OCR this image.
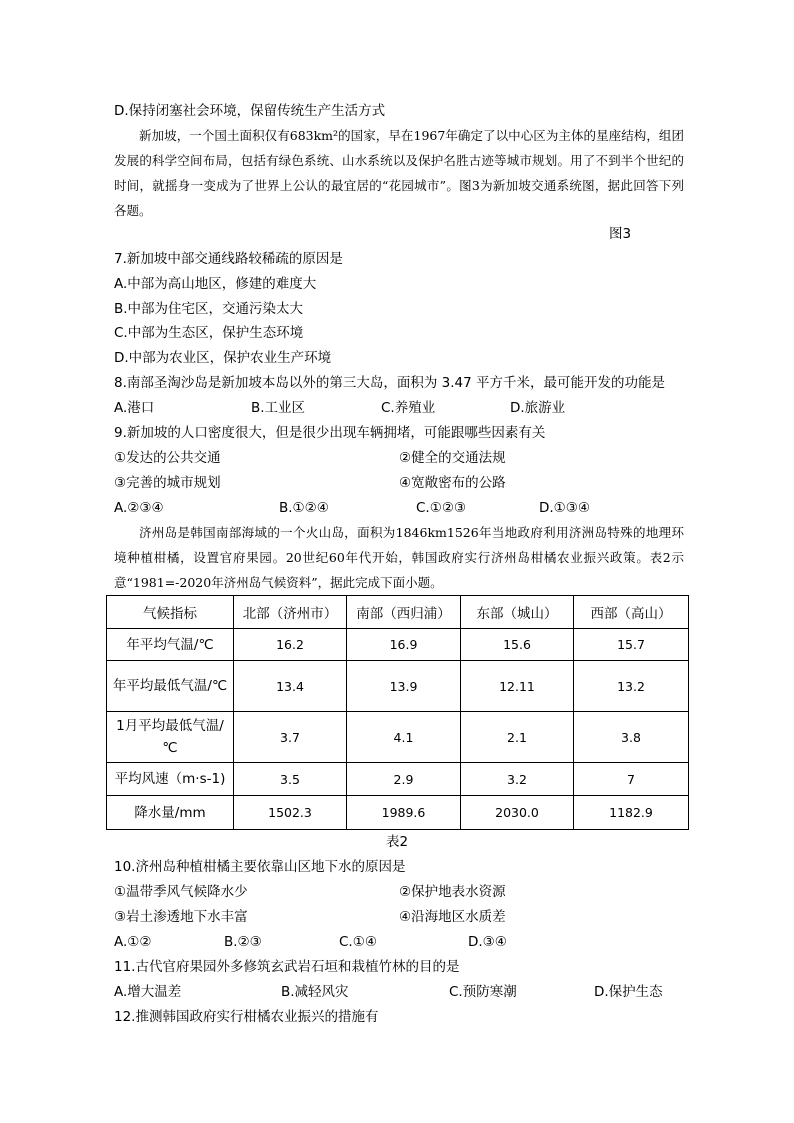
D.保持闭塞社会环境，保留传统生产生活方式

新加坡，一个国土面积仅有683km²的国家，早在1967年确定了以中心区为主体的星座结构，组团发展的科学空间布局，包括有绿色系统、山水系统以及保护名胜古迹等城市规划。用了不到半个世纪的时间，就摇身一变成为了世界上公认的最宜居的“花园城市”。图3为新加坡交通系统图，据此回答下列各题。

图3
7.新加坡中部交通线路较稀疏的原因是
A.中部为高山地区，修建的难度大
B.中部为住宅区，交通污染太大
C.中部为生态区，保护生态环境
D.中部为农业区，保护农业生产环境
8.南部圣淘沙岛是新加坡本岛以外的第三大岛，面积为 3.47 平方千米，最可能开发的功能是
A.港口	B.工业区	C.养殖业	D.旅游业
9.新加坡的人口密度很大，但是很少出现车辆拥堵，可能跟哪些因素有关
①发达的公共交通	②健全的交通法规
③完善的城市规划	④宽敞密布的公路
A.②③④	B.①②④	C.①②③	D.①③④

济州岛是韩国南部海域的一个火山岛，面积为1846km1526年当地政府利用济洲岛特殊的地理环境种植柑橘，设置官府果园。20世纪60年代开始，韩国政府实行济州岛柑橘农业振兴政策。表2示意“1981=-2020年济州岛气候资料”，据此完成下面小题。

气候指标	北部（济州市）	南部（西归浦）	东部（城山）	西部（高山）
年平均气温/℃	16.2	16.9	15.6	15.7
年平均最低气温/℃	13.4	13.9	12.11	13.2
1月平均最低气温/℃	3.7	4.1	2.1	3.8
平均风速（m·s-1)	3.5	2.9	3.2	7
降水量/mm	1502.3	1989.6	2030.0	1182.9
表2
10.济州岛种植柑橘主要依靠山区地下水的原因是
①温带季风气候降水少	②保护地表水资源
③岩土渗透地下水丰富	④沿海地区水质差
A.①②	B.②③	C.①④	D.③④
11.古代官府果园外多修筑玄武岩石垣和栽植竹林的目的是
A.增大温差	B.减轻风灾	C.预防寒潮	D.保护生态
12.推测韩国政府实行柑橘农业振兴的措施有
